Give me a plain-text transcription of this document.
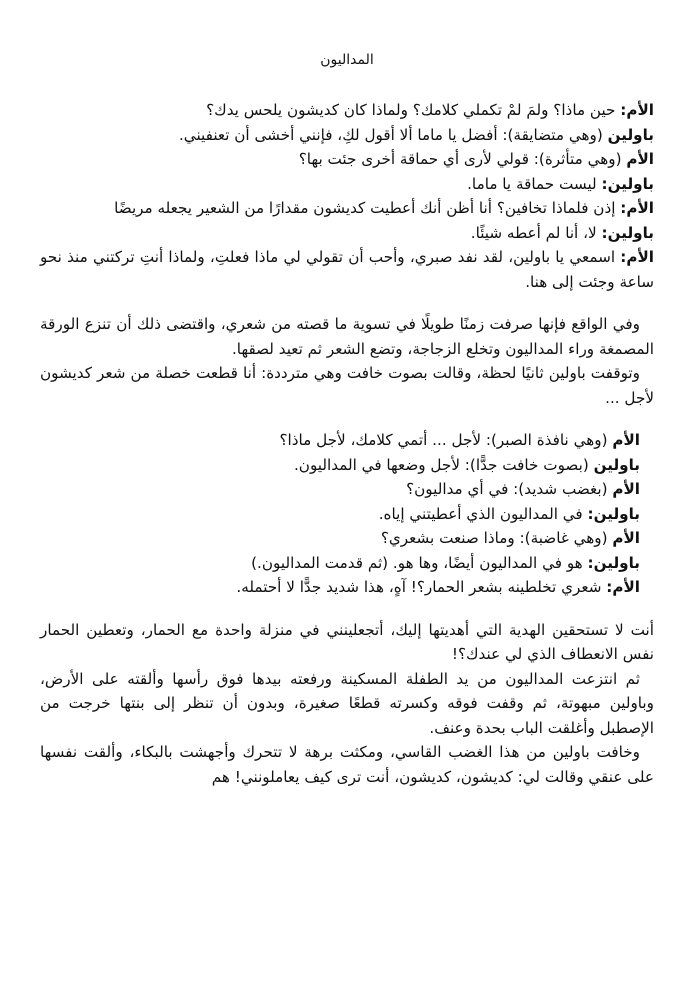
المداليون

الأم: حين ماذا؟ ولمَ لمْ تكملي كلامك؟ ولماذا كان كديشون يلحس يدك؟

باولين (وهي متضايقة): أفضل يا ماما ألا أقول لكِ، فإنني أخشى أن تعنفيني.

الأم (وهي متأثرة): قولي لأرى أي حماقة أخرى جئت بها؟

باولين: ليست حماقة يا ماما.

الأم: إذن فلماذا تخافين؟ أنا أظن أنك أعطيت كديشون مقدارًا من الشعير يجعله مريضًا

باولين: لا، أنا لم أعطه شيئًا.

الأم: اسمعي يا باولين، لقد نفد صبري، وأحب أن تقولي لي ماذا فعلتِ، ولماذا أنتِ تركتني منذ نحو ساعة وجئت إلى هنا.

وفي الواقع فإنها صرفت زمنًا طويلًا في تسوية ما قصته من شعري، واقتضى ذلك أن تنزع الورقة المصمغة وراء المداليون وتخلع الزجاجة، وتضع الشعر ثم تعيد لصقها.

وتوقفت باولين ثانيًا لحظة، وقالت بصوت خافت وهي مترددة: أنا قطعت خصلة من شعر كديشون لأجل ...

الأم (وهي نافذة الصبر): لأجل ... أتمي كلامك، لأجل ماذا؟

باولين (بصوت خافت جدًّا): لأجل وضعها في المداليون.

الأم (بغضب شديد): في أي مداليون؟

باولين: في المداليون الذي أعطيتني إياه.

الأم (وهي غاضبة): وماذا صنعت بشعري؟

باولين: هو في المداليون أيضًا، وها هو. (ثم قدمت المداليون.)

الأم: شعري تخلطينه بشعر الحمار؟! آهٍ، هذا شديد جدًّا لا أحتمله.

أنت لا تستحقين الهدية التي أهديتها إليك، أتجعلينني في منزلة واحدة مع الحمار، وتعطين الحمار نفس الانعطاف الذي لي عندك؟!

ثم انتزعت المداليون من يد الطفلة المسكينة ورفعته بيدها فوق رأسها وألقته على الأرض، وباولين مبهوتة، ثم وقفت فوقه وكسرته قطعًا صغيرة، وبدون أن تنظر إلى بنتها خرجت من الإصطبل وأغلقت الباب بحدة وعنف.

وخافت باولين من هذا الغضب القاسي، ومكثت برهة لا تتحرك وأجهشت بالبكاء، وألقت نفسها على عنقي وقالت لي: كديشون، كديشون، أنت ترى كيف يعاملونني! هم
